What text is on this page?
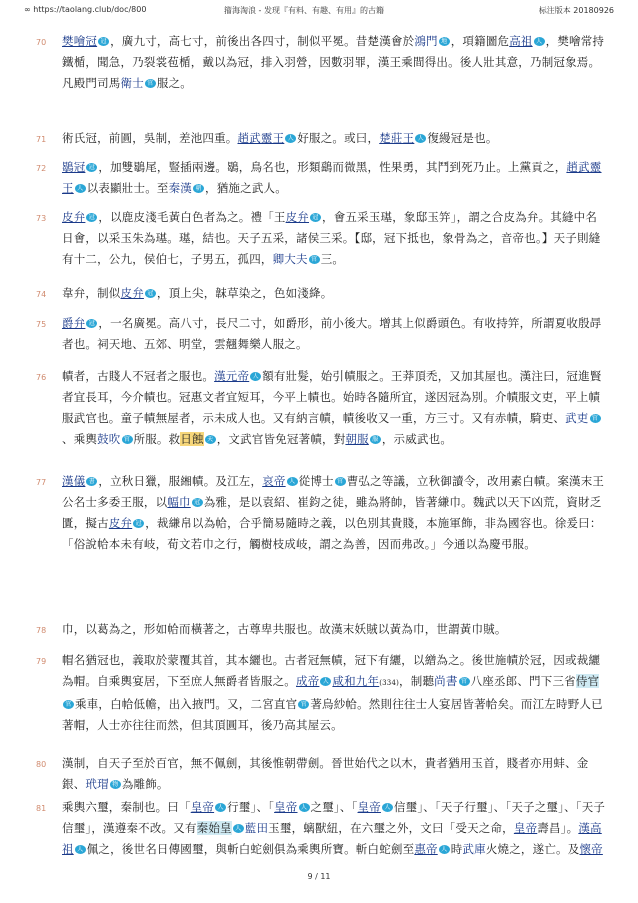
∞ https://taolang.club/doc/800	籀海淘浪 - 发现『有料、有趣、有用』的古籍	标注版本 20180926
70 樊噲冠 冠 ，廣九寸，高七寸，前後出各四寸，制似平冕。昔楚漢會於鴻門 地 ，項籍圖危高祖 人 ，樊噲常持鐵楯，聞急，乃裂裳苞楯，戴以為冠，排入羽營，因數羽罪，漢王乘間得出。後人壯其意，乃制冠象焉。凡殿門司馬衛士 官 服之。
71 術氏冠，前圓，吳制，差池四重。趙武靈王 人 好服之。或曰，楚莊王 人 復縵冠是也。
72 鶡冠 冠 ，加雙鶡尾，豎插兩邊。鶡，鳥名也，形類鷂而微黑，性果勇，其鬥到死乃止。上黨貢之，趙武靈王 人 以表顯壯士。至秦漢 朝 ，猶施之武人。
73 皮弁 冠 ，以鹿皮淺毛黃白色者為之。禮「王皮弁 冠 ，會五采玉璂，象邸玉笄」，謂之合皮為弁。其縫中名日會，以采玉朱為璂。璂，結也。天子五采，諸侯三采。【邸，冠下抵也，象骨為之，音帝也。】天子則縫有十二，公九，侯伯七，子男五，孤四，卿大夫 官 三。
74 韋弁，制似皮弁 冠 ，頂上尖，韎草染之，色如淺絳。
75 爵弁 冠 ，一名廣冕。高八寸，長尺二寸，如爵形，前小後大。增其上似爵頭色。有收持笄，所謂夏收殷冔者也。祠天地、五郊、明堂，雲翹舞樂人服之。
76 幘者，古賤人不冠者之服也。漢元帝 人 額有壯髮，始引幘服之。王莽頂禿，又加其屋也。漢注曰，冠進賢者宜長耳，今介幘也。冠惠文者宜短耳，今平上幘也。始時各隨所宜，遂因冠為別。介幘服文吏，平上幘服武官也。童子幘無屋者，示未成人也。又有納言幘，幘後收又一重，方三寸。又有赤幘，騎吏、武吏 官、乘輿鼓吹 官 所服。救日蝕 天 ，文武官皆免冠著幘，對朝服 服 ，示威武也。
77 漢儀 書 ，立秋日獵，服緗幘。及江左，哀帝 人 從博士 官 曹弘之等議，立秋御讀令，改用素白幘。案漢末王公名士多委王服，以幅巾 冠 為雅，是以袁紹、崔鈞之徒，雖為將帥，皆著縑巾。魏武以天下凶荒，資財乏匱，擬古皮弁 冠 ，裁縑帛以為帢，合乎簡易隨時之義，以色別其貴賤，本施軍飾，非為國容也。徐爰曰：「俗說帢本未有岐，荀文若巾之行，觸樹枝成岐，謂之為善，因而弗改。」今通以為慶弔服。
78 巾，以葛為之，形如帢而橫著之，古尊卑共服也。故漢末妖賊以黃為巾，世謂黃巾賊。
79 帽名猶冠也，義取於蒙覆其首，其本纚也。古者冠無幘，冠下有纚，以繒為之。後世施幘於冠，因或裁纚為帽。自乘輿宴居，下至庶人無爵者皆服之。成帝 人 咸和九年(334)，制聽尚書 官 八座丞郎、門下三省侍官官 乘車，白帢低幨，出入掖門。又，二宮直官 官 著烏紗帢。然則往往士人宴居皆著帢矣。而江左時野人已著帽，人士亦往往而然，但其頂圓耳，後乃高其屋云。
80 漢制，自天子至於百官，無不佩劍，其後惟朝帶劍。晉世始代之以木，貴者猶用玉首，賤者亦用蚌、金銀、玳瑁 物 為雕飾。
81 乘輿六璽，秦制也。曰「皇帝 人 行璽」、「皇帝 人 之璽」、「皇帝 人 信璽」、「天子行璽」、「天子之璽」、「天子信璽」，漢遵秦不改。又有秦始皇 人 藍田玉璽，螭獸紐，在六璽之外，文曰「受天之命，皇帝壽昌」。漢高祖 人 佩之，後世名日傳國璽，與斬白蛇劍俱為乘輿所寶。斬白蛇劍至惠帝 人 時武庫火燒之，遂亡。及懷帝
9 / 11
